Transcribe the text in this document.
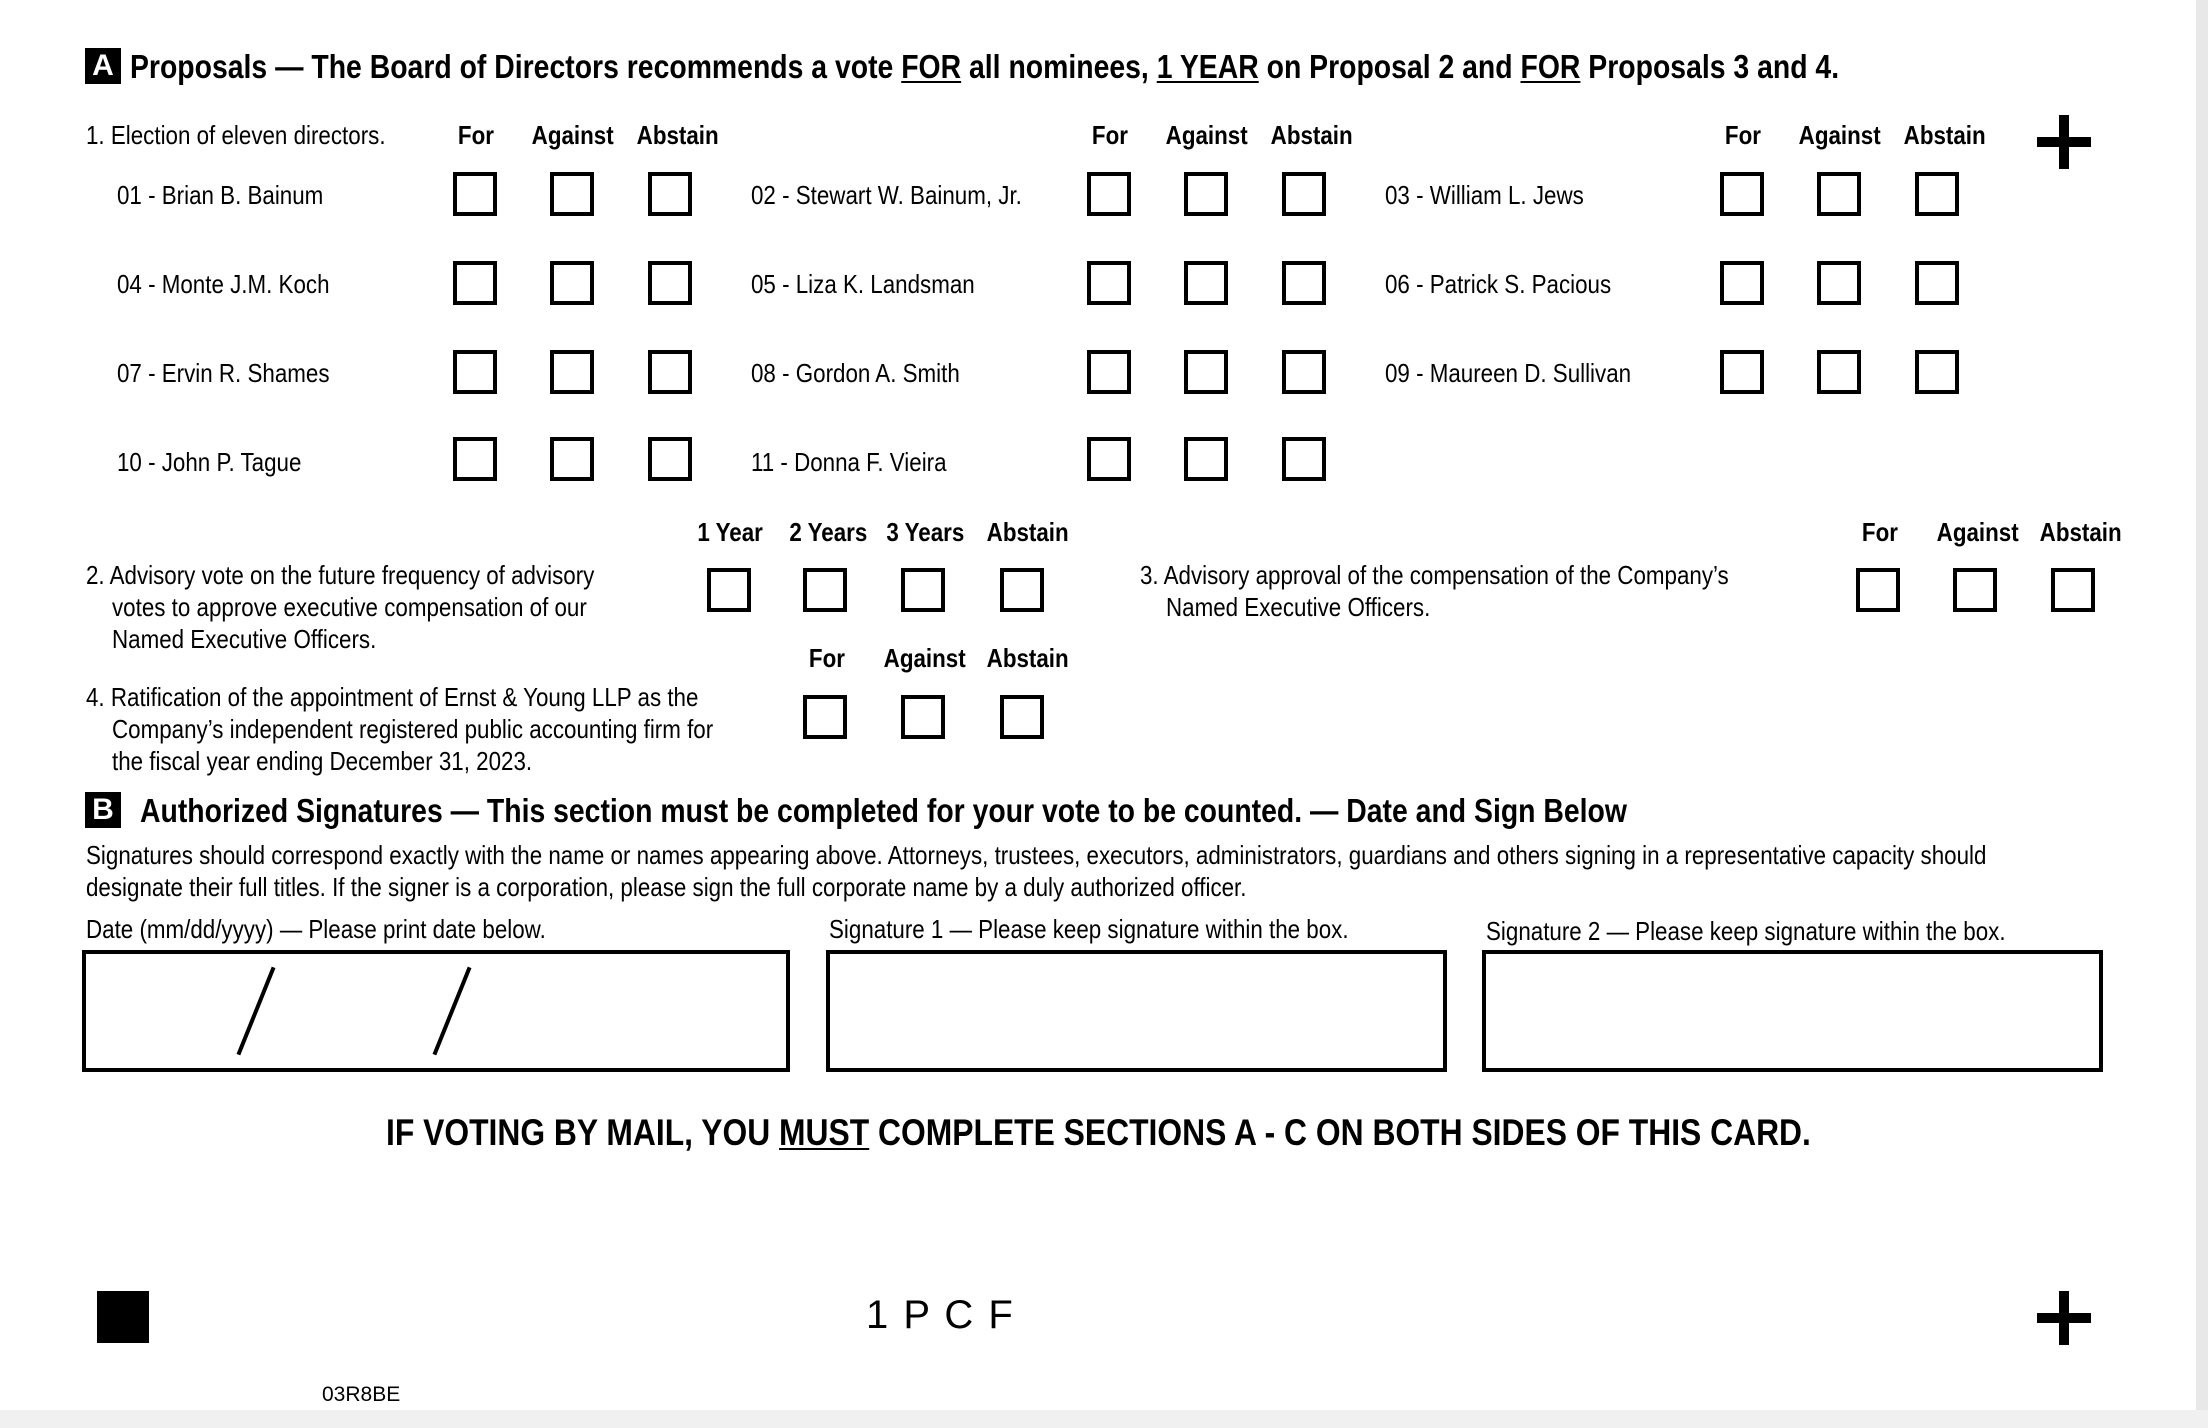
A Proposals — The Board of Directors recommends a vote FOR all nominees, 1 YEAR on Proposal 2 and FOR Proposals 3 and 4.
1. Election of eleven directors.	For	Against Abstain	For	Against Abstain	For	Against Abstain
01 - Brian B. Bainum	02 - Stewart W. Bainum, Jr.	03 - William L. Jews
04 - Monte J.M. Koch	05 - Liza K. Landsman	06 - Patrick S. Pacious
07 - Ervin R. Shames	08 - Gordon A. Smith	09 - Maureen D. Sullivan
10 - John P. Tague	11 - Donna F. Vieira
1 Year	2 Years 3 Years Abstain
2. Advisory vote on the future frequency of advisory
votes to approve executive compensation of our
Named Executive Officers.
For	Against Abstain
3. Advisory approval of the compensation of the Company’s
Named Executive Officers.
For	Against Abstain
4. Ratification of the appointment of Ernst & Young LLP as the
Company’s independent registered public accounting firm for
the fiscal year ending December 31, 2023.
B Authorized Signatures — This section must be completed for your vote to be counted. — Date and Sign Below
Signatures should correspond exactly with the name or names appearing above. Attorneys, trustees, executors, administrators, guardians and others signing in a representative capacity should
designate their full titles. If the signer is a corporation, please sign the full corporate name by a duly authorized officer.
Date (mm/dd/yyyy) — Please print date below.	Signature 1 — Please keep signature within the box.	Signature 2 — Please keep signature within the box.
IF VOTING BY MAIL, YOU MUST COMPLETE SECTIONS A - C ON BOTH SIDES OF THIS CARD.
1 P C F
03R8BE
